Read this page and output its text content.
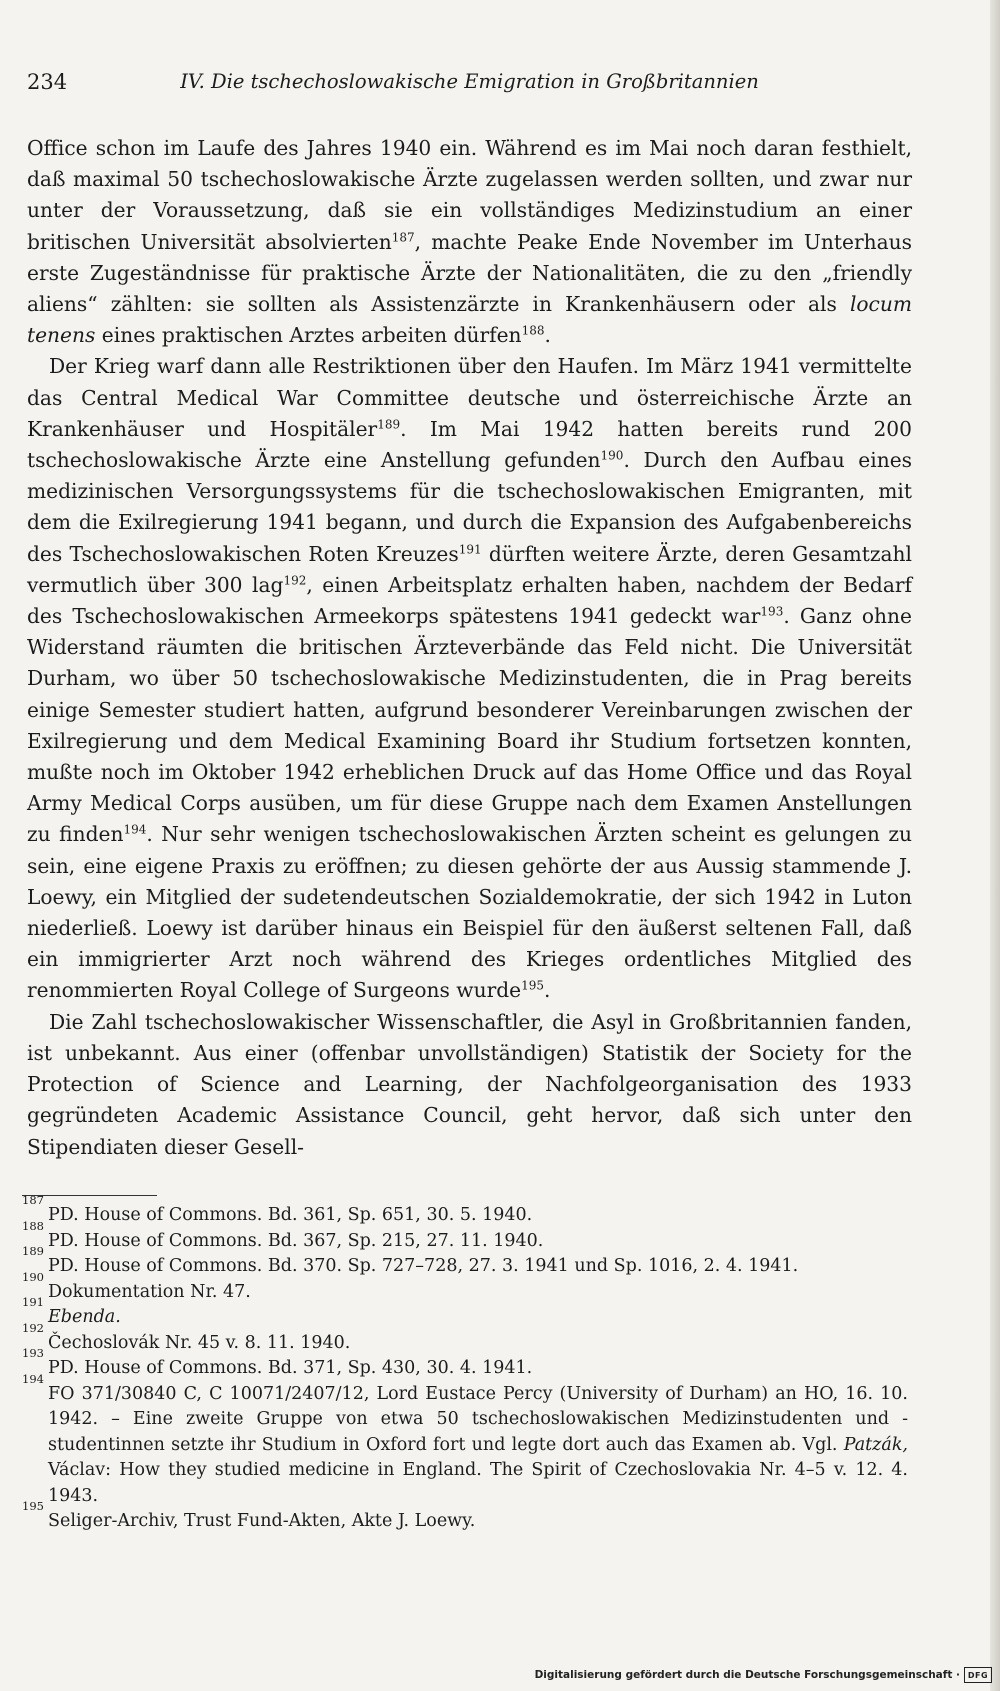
234	IV. Die tschechoslowakische Emigration in Großbritannien

Office schon im Laufe des Jahres 1940 ein. Während es im Mai noch daran festhielt, daß maximal 50 tschechoslowakische Ärzte zugelassen werden sollten, und zwar nur unter der Voraussetzung, daß sie ein vollständiges Medizinstudium an einer britischen Universität absolvierten$^{187}$, machte Peake Ende November im Unterhaus erste Zugeständnisse für praktische Ärzte der Nationalitäten, die zu den „friendly aliens“ zählten: sie sollten als Assistenzärzte in Krankenhäusern oder als locum tenens eines praktischen Arztes arbeiten dürfen$^{188}$.

Der Krieg warf dann alle Restriktionen über den Haufen. Im März 1941 vermittelte das Central Medical War Committee deutsche und österreichische Ärzte an Krankenhäuser und Hospitäler$^{189}$. Im Mai 1942 hatten bereits rund 200 tschechoslowakische Ärzte eine Anstellung gefunden$^{190}$. Durch den Aufbau eines medizinischen Versorgungssystems für die tschechoslowakischen Emigranten, mit dem die Exilregierung 1941 begann, und durch die Expansion des Aufgabenbereichs des Tschechoslowakischen Roten Kreuzes$^{191}$ dürften weitere Ärzte, deren Gesamtzahl vermutlich über 300 lag$^{192}$, einen Arbeitsplatz erhalten haben, nachdem der Bedarf des Tschechoslowakischen Armeekorps spätestens 1941 gedeckt war$^{193}$. Ganz ohne Widerstand räumten die britischen Ärzteverbände das Feld nicht. Die Universität Durham, wo über 50 tschechoslowakische Medizinstudenten, die in Prag bereits einige Semester studiert hatten, aufgrund besonderer Vereinbarungen zwischen der Exilregierung und dem Medical Examining Board ihr Studium fortsetzen konnten, mußte noch im Oktober 1942 erheblichen Druck auf das Home Office und das Royal Army Medical Corps ausüben, um für diese Gruppe nach dem Examen Anstellungen zu finden$^{194}$. Nur sehr wenigen tschechoslowakischen Ärzten scheint es gelungen zu sein, eine eigene Praxis zu eröffnen; zu diesen gehörte der aus Aussig stammende J. Loewy, ein Mitglied der sudetendeutschen Sozialdemokratie, der sich 1942 in Luton niederließ. Loewy ist darüber hinaus ein Beispiel für den äußerst seltenen Fall, daß ein immigrierter Arzt noch während des Krieges ordentliches Mitglied des renommierten Royal College of Surgeons wurde$^{195}$.

Die Zahl tschechoslowakischer Wissenschaftler, die Asyl in Großbritannien fanden, ist unbekannt. Aus einer (offenbar unvollständigen) Statistik der Society for the Protection of Science and Learning, der Nachfolgeorganisation des 1933 gegründeten Academic Assistance Council, geht hervor, daß sich unter den Stipendiaten dieser Gesell-

187
PD. House of Commons. Bd. 361, Sp. 651, 30. 5. 1940.
188
PD. House of Commons. Bd. 367, Sp. 215, 27. 11. 1940.
189
PD. House of Commons. Bd. 370. Sp. 727–728, 27. 3. 1941 und Sp. 1016, 2. 4. 1941.
190
Dokumentation Nr. 47.
191
Ebenda.
192
Čechoslovák Nr. 45 v. 8. 11. 1940.
193
PD. House of Commons. Bd. 371, Sp. 430, 30. 4. 1941.
194
FO 371/30840 C, C 10071/2407/12, Lord Eustace Percy (University of Durham) an HO, 16. 10. 1942. – Eine zweite Gruppe von etwa 50 tschechoslowakischen Medizinstudenten und -studentinnen setzte ihr Studium in Oxford fort und legte dort auch das Examen ab. Vgl. Patzák, Václav: How they studied medicine in England. The Spirit of Czechoslovakia Nr. 4–5 v. 12. 4. 1943.
195
Seliger-Archiv, Trust Fund-Akten, Akte J. Loewy.
Digitalisierung gefördert durch die Deutsche Forschungsgemeinschaft · DFG
